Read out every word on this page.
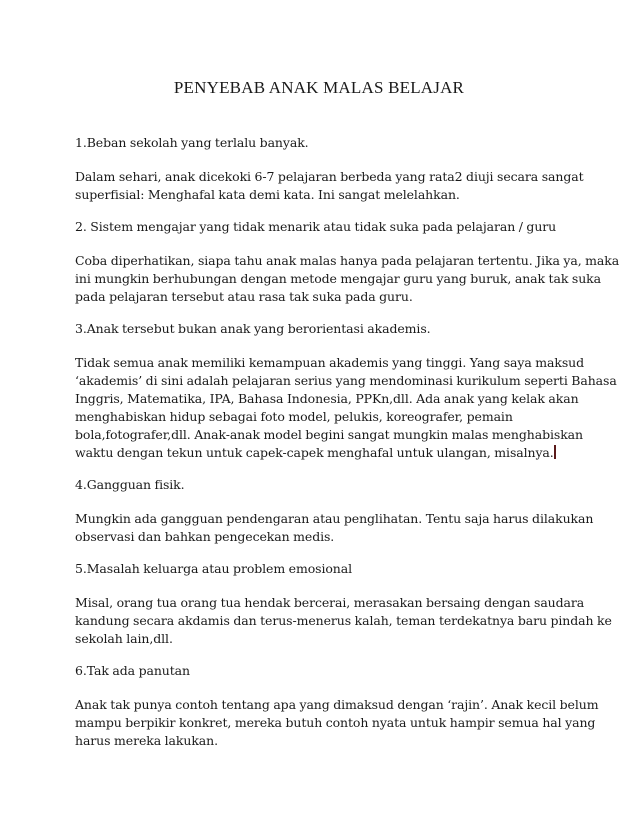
PENYEBAB ANAK MALAS BELAJAR

1.Beban sekolah yang terlalu banyak.

Dalam sehari, anak dicekoki 6-7 pelajaran berbeda yang rata2 diuji secara sangat
superfisial: Menghafal kata demi kata. Ini sangat melelahkan.

2. Sistem mengajar yang tidak menarik atau tidak suka pada pelajaran / guru

Coba diperhatikan, siapa tahu anak malas hanya pada pelajaran tertentu. Jika ya, maka
ini mungkin berhubungan dengan metode mengajar guru yang buruk, anak tak suka
pada pelajaran tersebut atau rasa tak suka pada guru.

3.Anak tersebut bukan anak yang berorientasi akademis.

Tidak semua anak memiliki kemampuan akademis yang tinggi. Yang saya maksud
‘akademis’ di sini adalah pelajaran serius yang mendominasi kurikulum seperti Bahasa
Inggris, Matematika, IPA, Bahasa Indonesia, PPKn,dll. Ada anak yang kelak akan
menghabiskan hidup sebagai foto model, pelukis, koreografer, pemain
bola,fotografer,dll. Anak-anak model begini sangat mungkin malas menghabiskan
waktu dengan tekun untuk capek-capek menghafal untuk ulangan, misalnya.

4.Gangguan fisik.

Mungkin ada gangguan pendengaran atau penglihatan. Tentu saja harus dilakukan
observasi dan bahkan pengecekan medis.

5.Masalah keluarga atau problem emosional

Misal, orang tua orang tua hendak bercerai, merasakan bersaing dengan saudara
kandung secara akdamis dan terus-menerus kalah, teman terdekatnya baru pindah ke
sekolah lain,dll.

6.Tak ada panutan

Anak tak punya contoh tentang apa yang dimaksud dengan ‘rajin’. Anak kecil belum
mampu berpikir konkret, mereka butuh contoh nyata untuk hampir semua hal yang
harus mereka lakukan.
